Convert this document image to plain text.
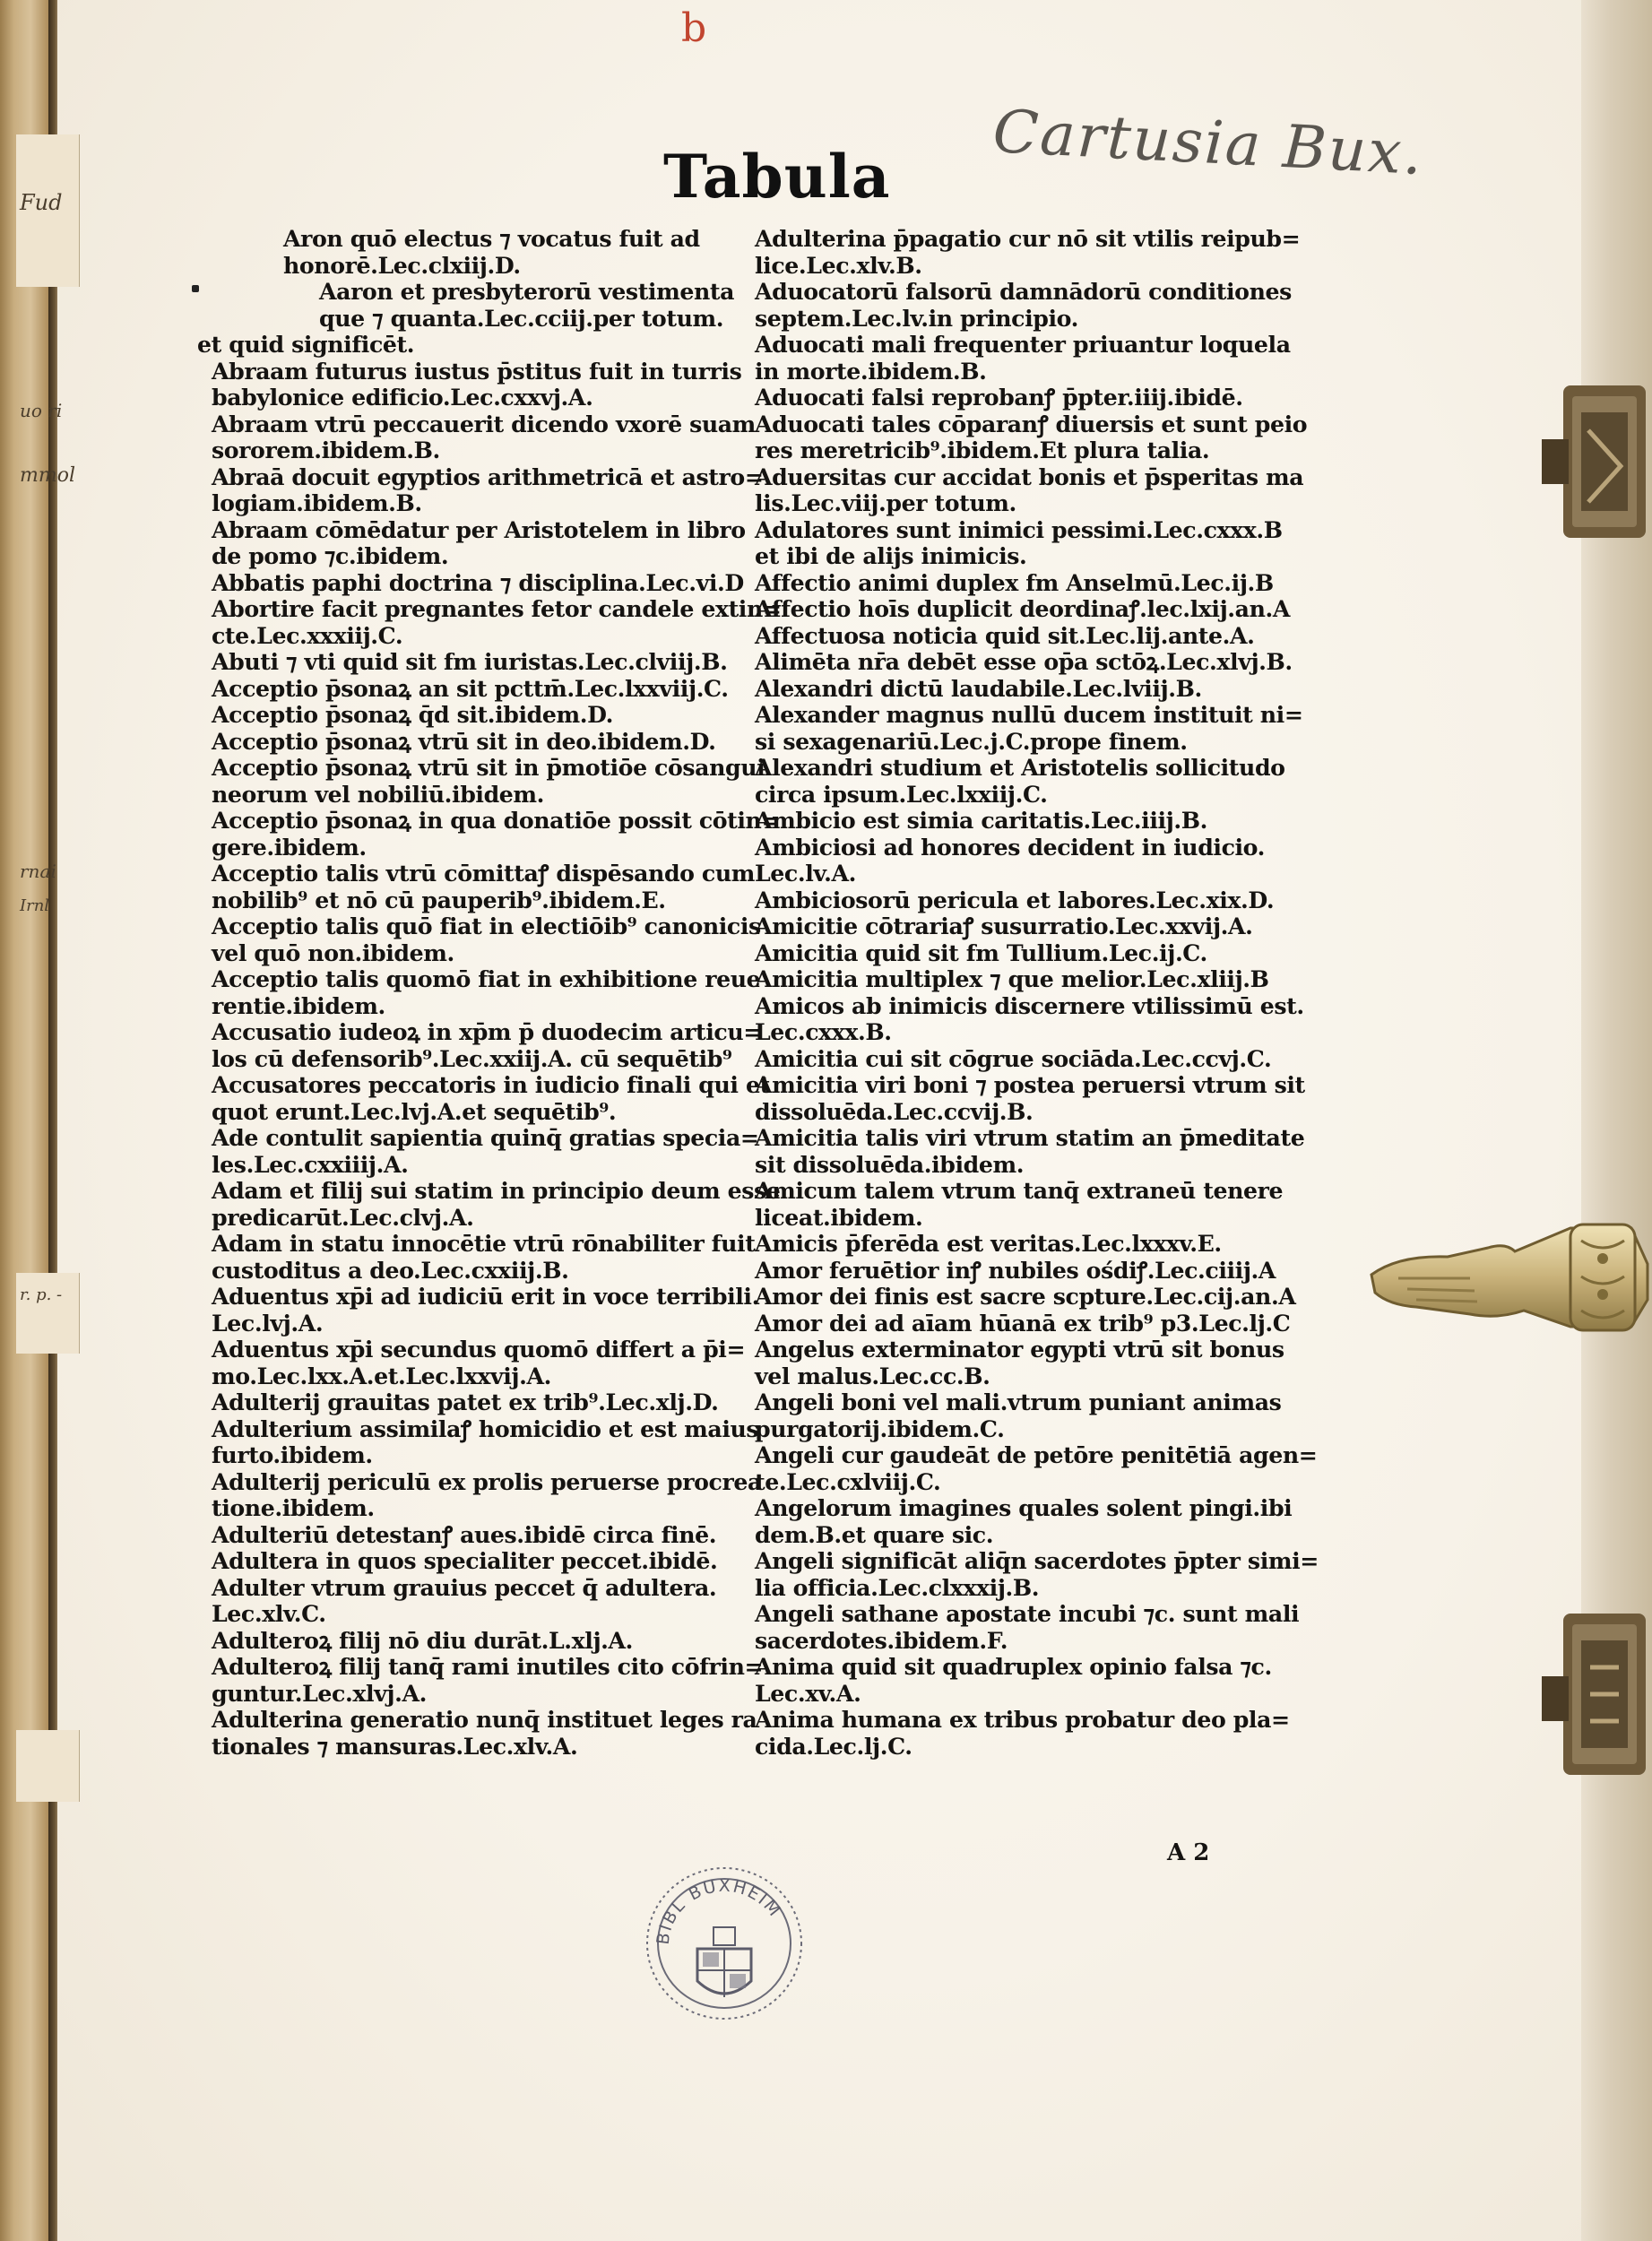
Fud
uo ri
mmol
rnai
Irnl
r. p. -
b
Cartusia Bux.
Tabula
Aron quō electus ⁊ vocatus fuit ad
honorē.Lec.clxiij.D.
Aaron et presbyterorū vestimenta
que ⁊ quanta.Lec.cciij.per totum.
et quid significēt.
Abraam futurus iustus p̄stitus fuit in turris
babylonice edificio.Lec.cxxvj.A.
Abraam vtrū peccauerit dicendo vxorē suam
sororem.ibidem.B.
Abraā docuit egyptios arithmetricā et astro=
logiam.ibidem.B.
Abraam cōmēdatur per Aristotelem in libro
de pomo ⁊c.ibidem.
Abbatis paphi doctrina ⁊ disciplina.Lec.vi.D
Abortire facit pregnantes fetor candele extin=
cte.Lec.xxxiij.C.
Abuti ⁊ vti quid sit fm iuristas.Lec.clviij.B.
Acceptio p̄sonaꝝ an sit pcttm̄.Lec.lxxviij.C.
Acceptio p̄sonaꝝ q̄d sit.ibidem.D.
Acceptio p̄sonaꝝ vtrū sit in deo.ibidem.D.
Acceptio p̄sonaꝝ vtrū sit in p̄motiōe cōsangui
neorum vel nobiliū.ibidem.
Acceptio p̄sonaꝝ in qua donatiōe possit cōtin=
gere.ibidem.
Acceptio talis vtrū cōmittaꝭ dispēsando cum
nobilib⁹ et nō cū pauperib⁹.ibidem.E.
Acceptio talis quō fiat in electiōib⁹ canonicis
vel quō non.ibidem.
Acceptio talis quomō fiat in exhibitione reue
rentie.ibidem.
Accusatio iudeoꝝ in xp̄m p̄ duodecim articu=
los cū defensorib⁹.Lec.xxiij.A. cū sequētib⁹
Accusatores peccatoris in iudicio finali qui et
quot erunt.Lec.lvj.A.et sequētib⁹.
Ade contulit sapientia quinq̄ gratias specia=
les.Lec.cxxiiij.A.
Adam et filij sui statim in principio deum esse
predicarūt.Lec.clvj.A.
Adam in statu innocētie vtrū rōnabiliter fuit
custoditus a deo.Lec.cxxiij.B.
Aduentus xp̄i ad iudiciū erit in voce terribili.
Lec.lvj.A.
Aduentus xp̄i secundus quomō differt a p̄i=
mo.Lec.lxx.A.et.Lec.lxxvij.A.
Adulterij grauitas patet ex trib⁹.Lec.xlj.D.
Adulterium assimilaꝭ homicidio et est maius
furto.ibidem.
Adulterij periculū ex prolis peruerse procrea
tione.ibidem.
Adulteriū detestanꝭ aues.ibidē circa finē.
Adultera in quos specialiter peccet.ibidē.
Adulter vtrum grauius peccet q̄ adultera.
Lec.xlv.C.
Adulteroꝝ filij nō diu durāt.L.xlj.A.
Adulteroꝝ filij tanq̄ rami inutiles cito cōfrin=
guntur.Lec.xlvj.A.
Adulterina generatio nunq̄ instituet leges ra
tionales ⁊ mansuras.Lec.xlv.A.
Adulterina p̄pagatio cur nō sit vtilis reipub=
lice.Lec.xlv.B.
Aduocatorū falsorū damnādorū conditiones
septem.Lec.lv.in principio.
Aduocati mali frequenter priuantur loquela
in morte.ibidem.B.
Aduocati falsi reprobanꝭ p̄pter.iiij.ibidē.
Aduocati tales cōparanꝭ diuersis et sunt peio
res meretricib⁹.ibidem.Et plura talia.
Aduersitas cur accidat bonis et p̄speritas ma
lis.Lec.viij.per totum.
Adulatores sunt inimici pessimi.Lec.cxxx.B
et ibi de alijs inimicis.
Affectio animi duplex fm Anselmū.Lec.ij.B
Affectio hoīs duplicit deordinaꝭ.lec.lxij.an.A
Affectuosa noticia quid sit.Lec.lij.ante.A.
Alimēta nr̄a debēt esse op̄a sctōꝝ.Lec.xlvj.B.
Alexandri dictū laudabile.Lec.lviij.B.
Alexander magnus nullū ducem instituit ni=
si sexagenariū.Lec.j.C.prope finem.
Alexandri studium et Aristotelis sollicitudo
circa ipsum.Lec.lxxiij.C.
Ambicio est simia caritatis.Lec.iiij.B.
Ambiciosi ad honores decident in iudicio.
Lec.lv.A.
Ambiciosorū pericula et labores.Lec.xix.D.
Amicitie cōtrariaꝭ susurratio.Lec.xxvij.A.
Amicitia quid sit fm Tullium.Lec.ij.C.
Amicitia multiplex ⁊ que melior.Lec.xliij.B
Amicos ab inimicis discernere vtilissimū est.
Lec.cxxx.B.
Amicitia cui sit cōgrue sociāda.Lec.ccvj.C.
Amicitia viri boni ⁊ postea peruersi vtrum sit
dissoluēda.Lec.ccvij.B.
Amicitia talis viri vtrum statim an p̄meditate
sit dissoluēda.ibidem.
Amicum talem vtrum tanq̄ extraneū tenere
liceat.ibidem.
Amicis p̄ferēda est veritas.Lec.lxxxv.E.
Amor feruētior inꝭ nubiles ośdiꝭ.Lec.ciiij.A
Amor dei finis est sacre scpture.Lec.cij.an.A
Amor dei ad aīam hūanā ex trib⁹ p3.Lec.lj.C
Angelus exterminator egypti vtrū sit bonus
vel malus.Lec.cc.B.
Angeli boni vel mali.vtrum puniant animas
purgatorij.ibidem.C.
Angeli cur gaudeāt de petōre penitētiā agen=
te.Lec.cxlviij.C.
Angelorum imagines quales solent pingi.ibi
dem.B.et quare sic.
Angeli significāt aliq̄n sacerdotes p̄pter simi=
lia officia.Lec.clxxxij.B.
Angeli sathane apostate incubi ⁊c. sunt mali
sacerdotes.ibidem.F.
Anima quid sit quadruplex opinio falsa ⁊c.
Lec.xv.A.
Anima humana ex tribus probatur deo pla=
cida.Lec.lj.C.
A 2
BIBL BUXHEIM
